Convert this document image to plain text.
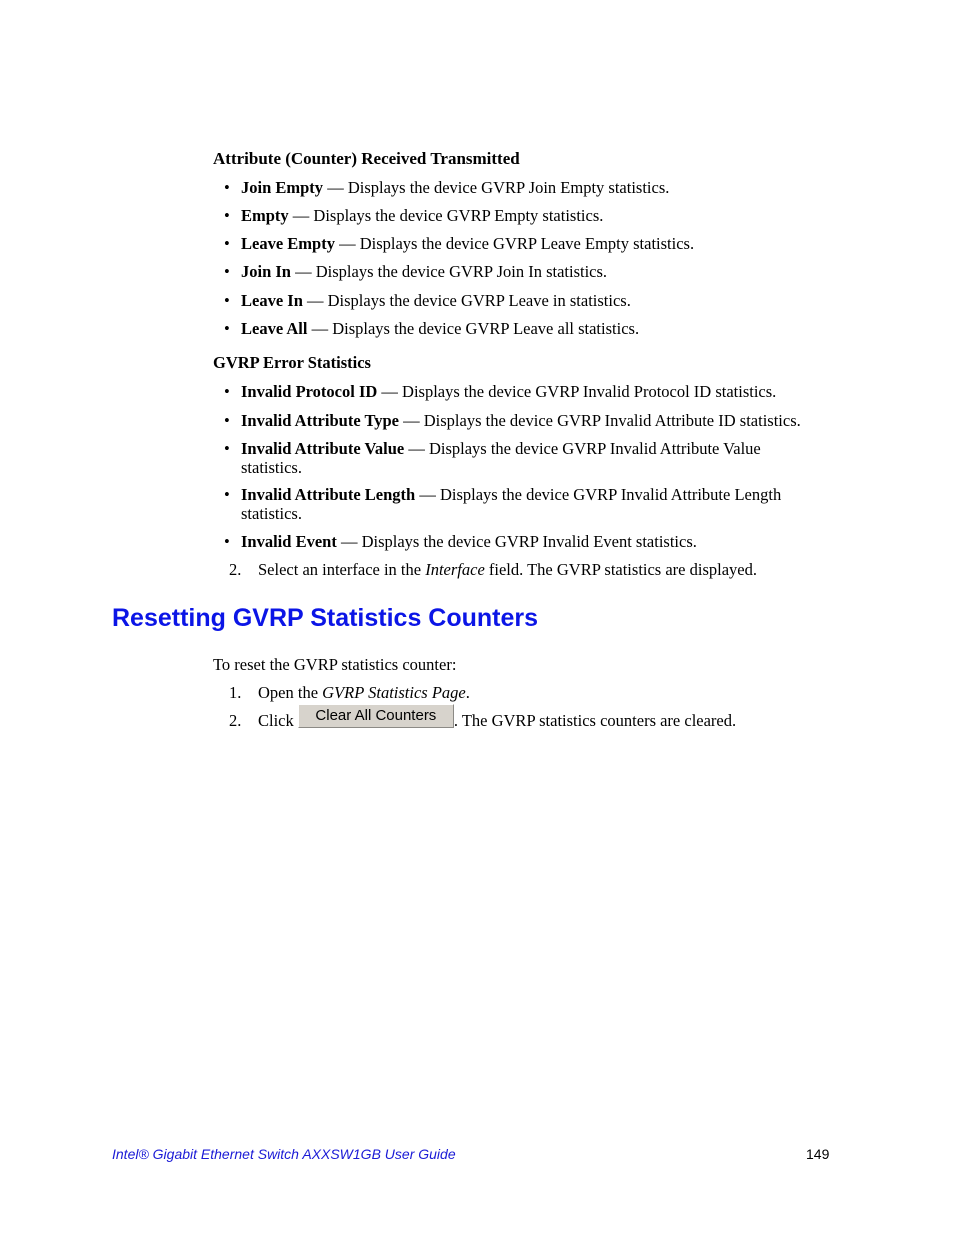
Attribute (Counter) Received Transmitted
• Join Empty — Displays the device GVRP Join Empty statistics.
• Empty — Displays the device GVRP Empty statistics.
• Leave Empty — Displays the device GVRP Leave Empty statistics.
• Join In — Displays the device GVRP Join In statistics.
• Leave In — Displays the device GVRP Leave in statistics.
• Leave All — Displays the device GVRP Leave all statistics.
GVRP Error Statistics
• Invalid Protocol ID — Displays the device GVRP Invalid Protocol ID statistics.
• Invalid Attribute Type — Displays the device GVRP Invalid Attribute ID statistics.
• Invalid Attribute Value — Displays the device GVRP Invalid Attribute Value statistics.
• Invalid Attribute Length — Displays the device GVRP Invalid Attribute Length statistics.
• Invalid Event — Displays the device GVRP Invalid Event statistics.
2. Select an interface in the Interface field. The GVRP statistics are displayed.
Resetting GVRP Statistics Counters
To reset the GVRP statistics counter:
1. Open the GVRP Statistics Page.
2. Click Clear All Counters . The GVRP statistics counters are cleared.
Intel® Gigabit Ethernet Switch AXXSW1GB User Guide	149
